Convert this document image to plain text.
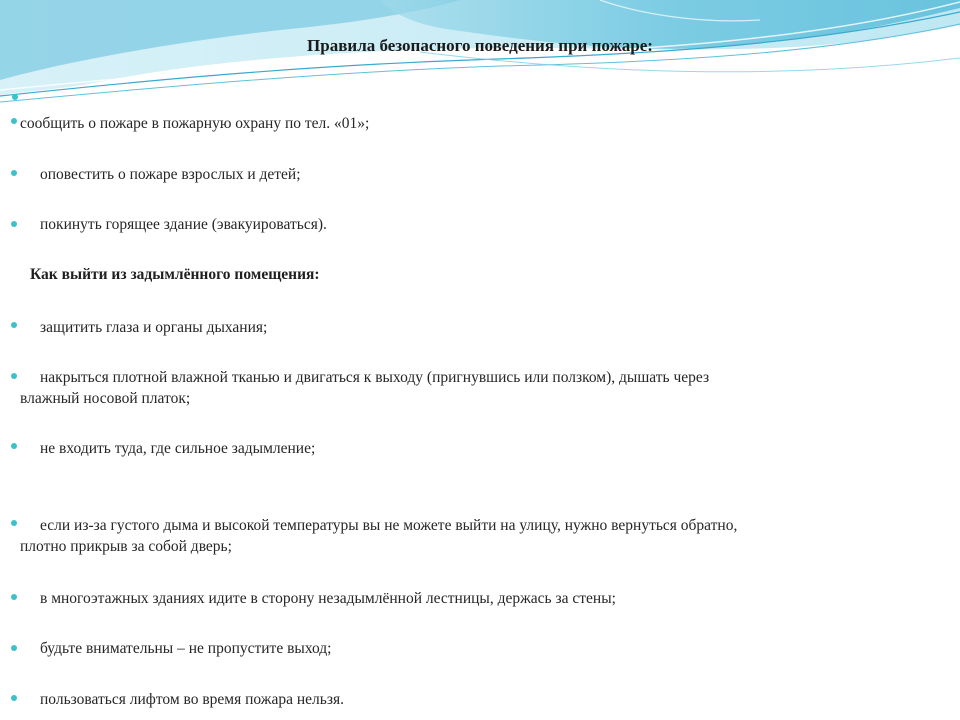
Правила безопасного поведения при пожаре:
сообщить о пожаре в пожарную охрану по тел. «01»;
оповестить о пожаре взрослых и детей;
покинуть горящее здание (эвакуироваться).
Как выйти из задымлённого помещения:
защитить глаза и органы дыхания;
накрыться плотной влажной тканью и двигаться к выходу (пригнувшись или ползком), дышать через
влажный носовой платок;
не входить туда, где сильное задымление;
если из-за густого дыма и высокой температуры вы не можете выйти на улицу, нужно вернуться обратно,
плотно прикрыв за собой дверь;
в многоэтажных зданиях идите в сторону незадымлённой лестницы, держась за стены;
будьте внимательны – не пропустите выход;
пользоваться лифтом во время пожара нельзя.
